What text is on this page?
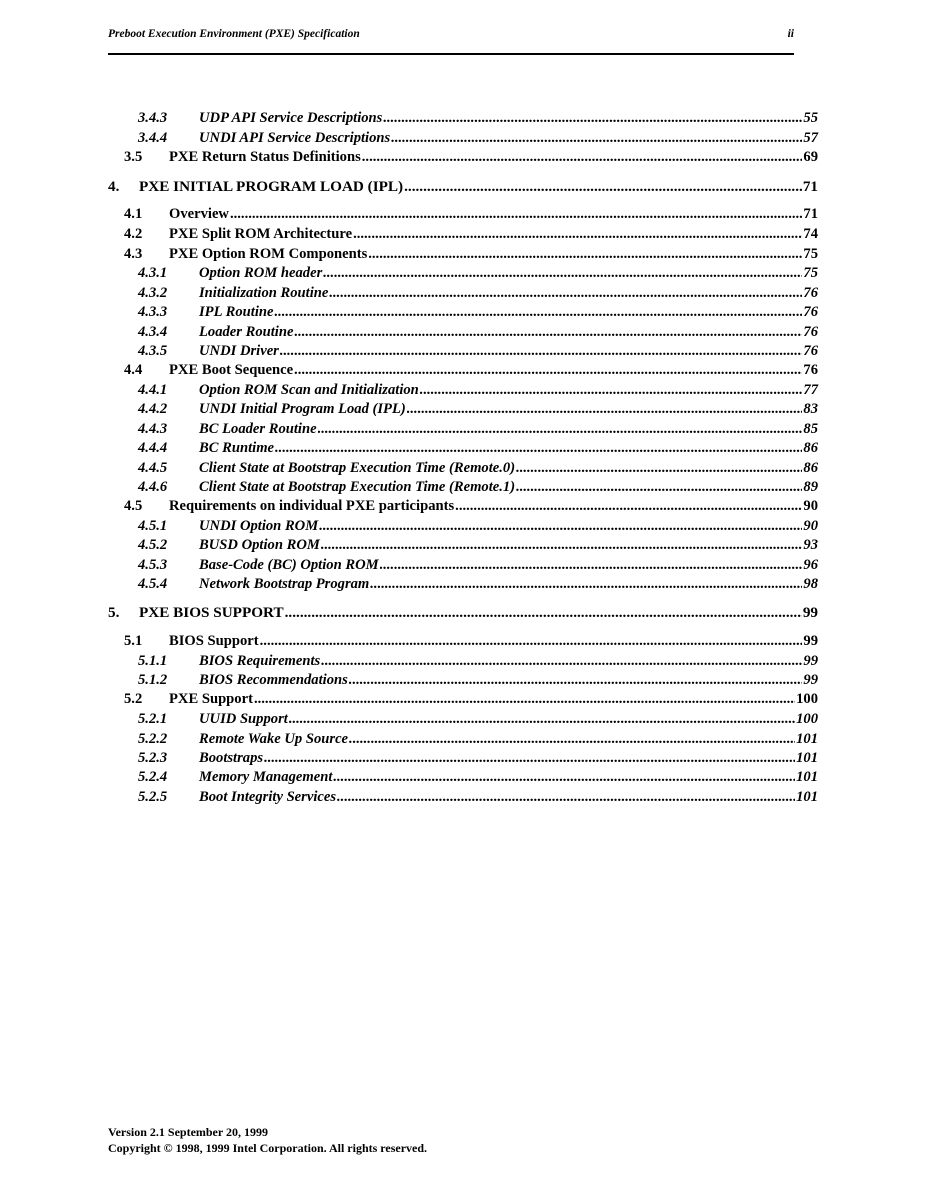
Preboot Execution Environment (PXE) Specification	ii
3.4.3	UDP API Service Descriptions .....	55
3.4.4	UNDI API Service Descriptions .....	57
3.5	PXE Return Status Definitions .....	69
4.	PXE INITIAL PROGRAM LOAD (IPL) .....	71
4.1	Overview .....	71
4.2	PXE Split ROM Architecture .....	74
4.3	PXE Option ROM Components .....	75
4.3.1	Option ROM header .....	75
4.3.2	Initialization Routine .....	76
4.3.3	IPL Routine .....	76
4.3.4	Loader Routine .....	76
4.3.5	UNDI Driver .....	76
4.4	PXE Boot Sequence .....	76
4.4.1	Option ROM Scan and Initialization .....	77
4.4.2	UNDI Initial Program Load (IPL) .....	83
4.4.3	BC Loader Routine .....	85
4.4.4	BC Runtime .....	86
4.4.5	Client State at Bootstrap Execution Time (Remote.0) .....	86
4.4.6	Client State at Bootstrap Execution Time (Remote.1) .....	89
4.5	Requirements on individual PXE participants .....	90
4.5.1	UNDI Option ROM .....	90
4.5.2	BUSD Option ROM .....	93
4.5.3	Base-Code (BC) Option ROM .....	96
4.5.4	Network Bootstrap Program .....	98
5.	PXE BIOS SUPPORT .....	99
5.1	BIOS Support .....	99
5.1.1	BIOS Requirements .....	99
5.1.2	BIOS Recommendations .....	99
5.2	PXE Support .....	100
5.2.1	UUID Support .....	100
5.2.2	Remote Wake Up Source .....	101
5.2.3	Bootstraps .....	101
5.2.4	Memory Management .....	101
5.2.5	Boot Integrity Services .....	101
Version 2.1 September 20, 1999
Copyright © 1998, 1999 Intel Corporation. All rights reserved.
